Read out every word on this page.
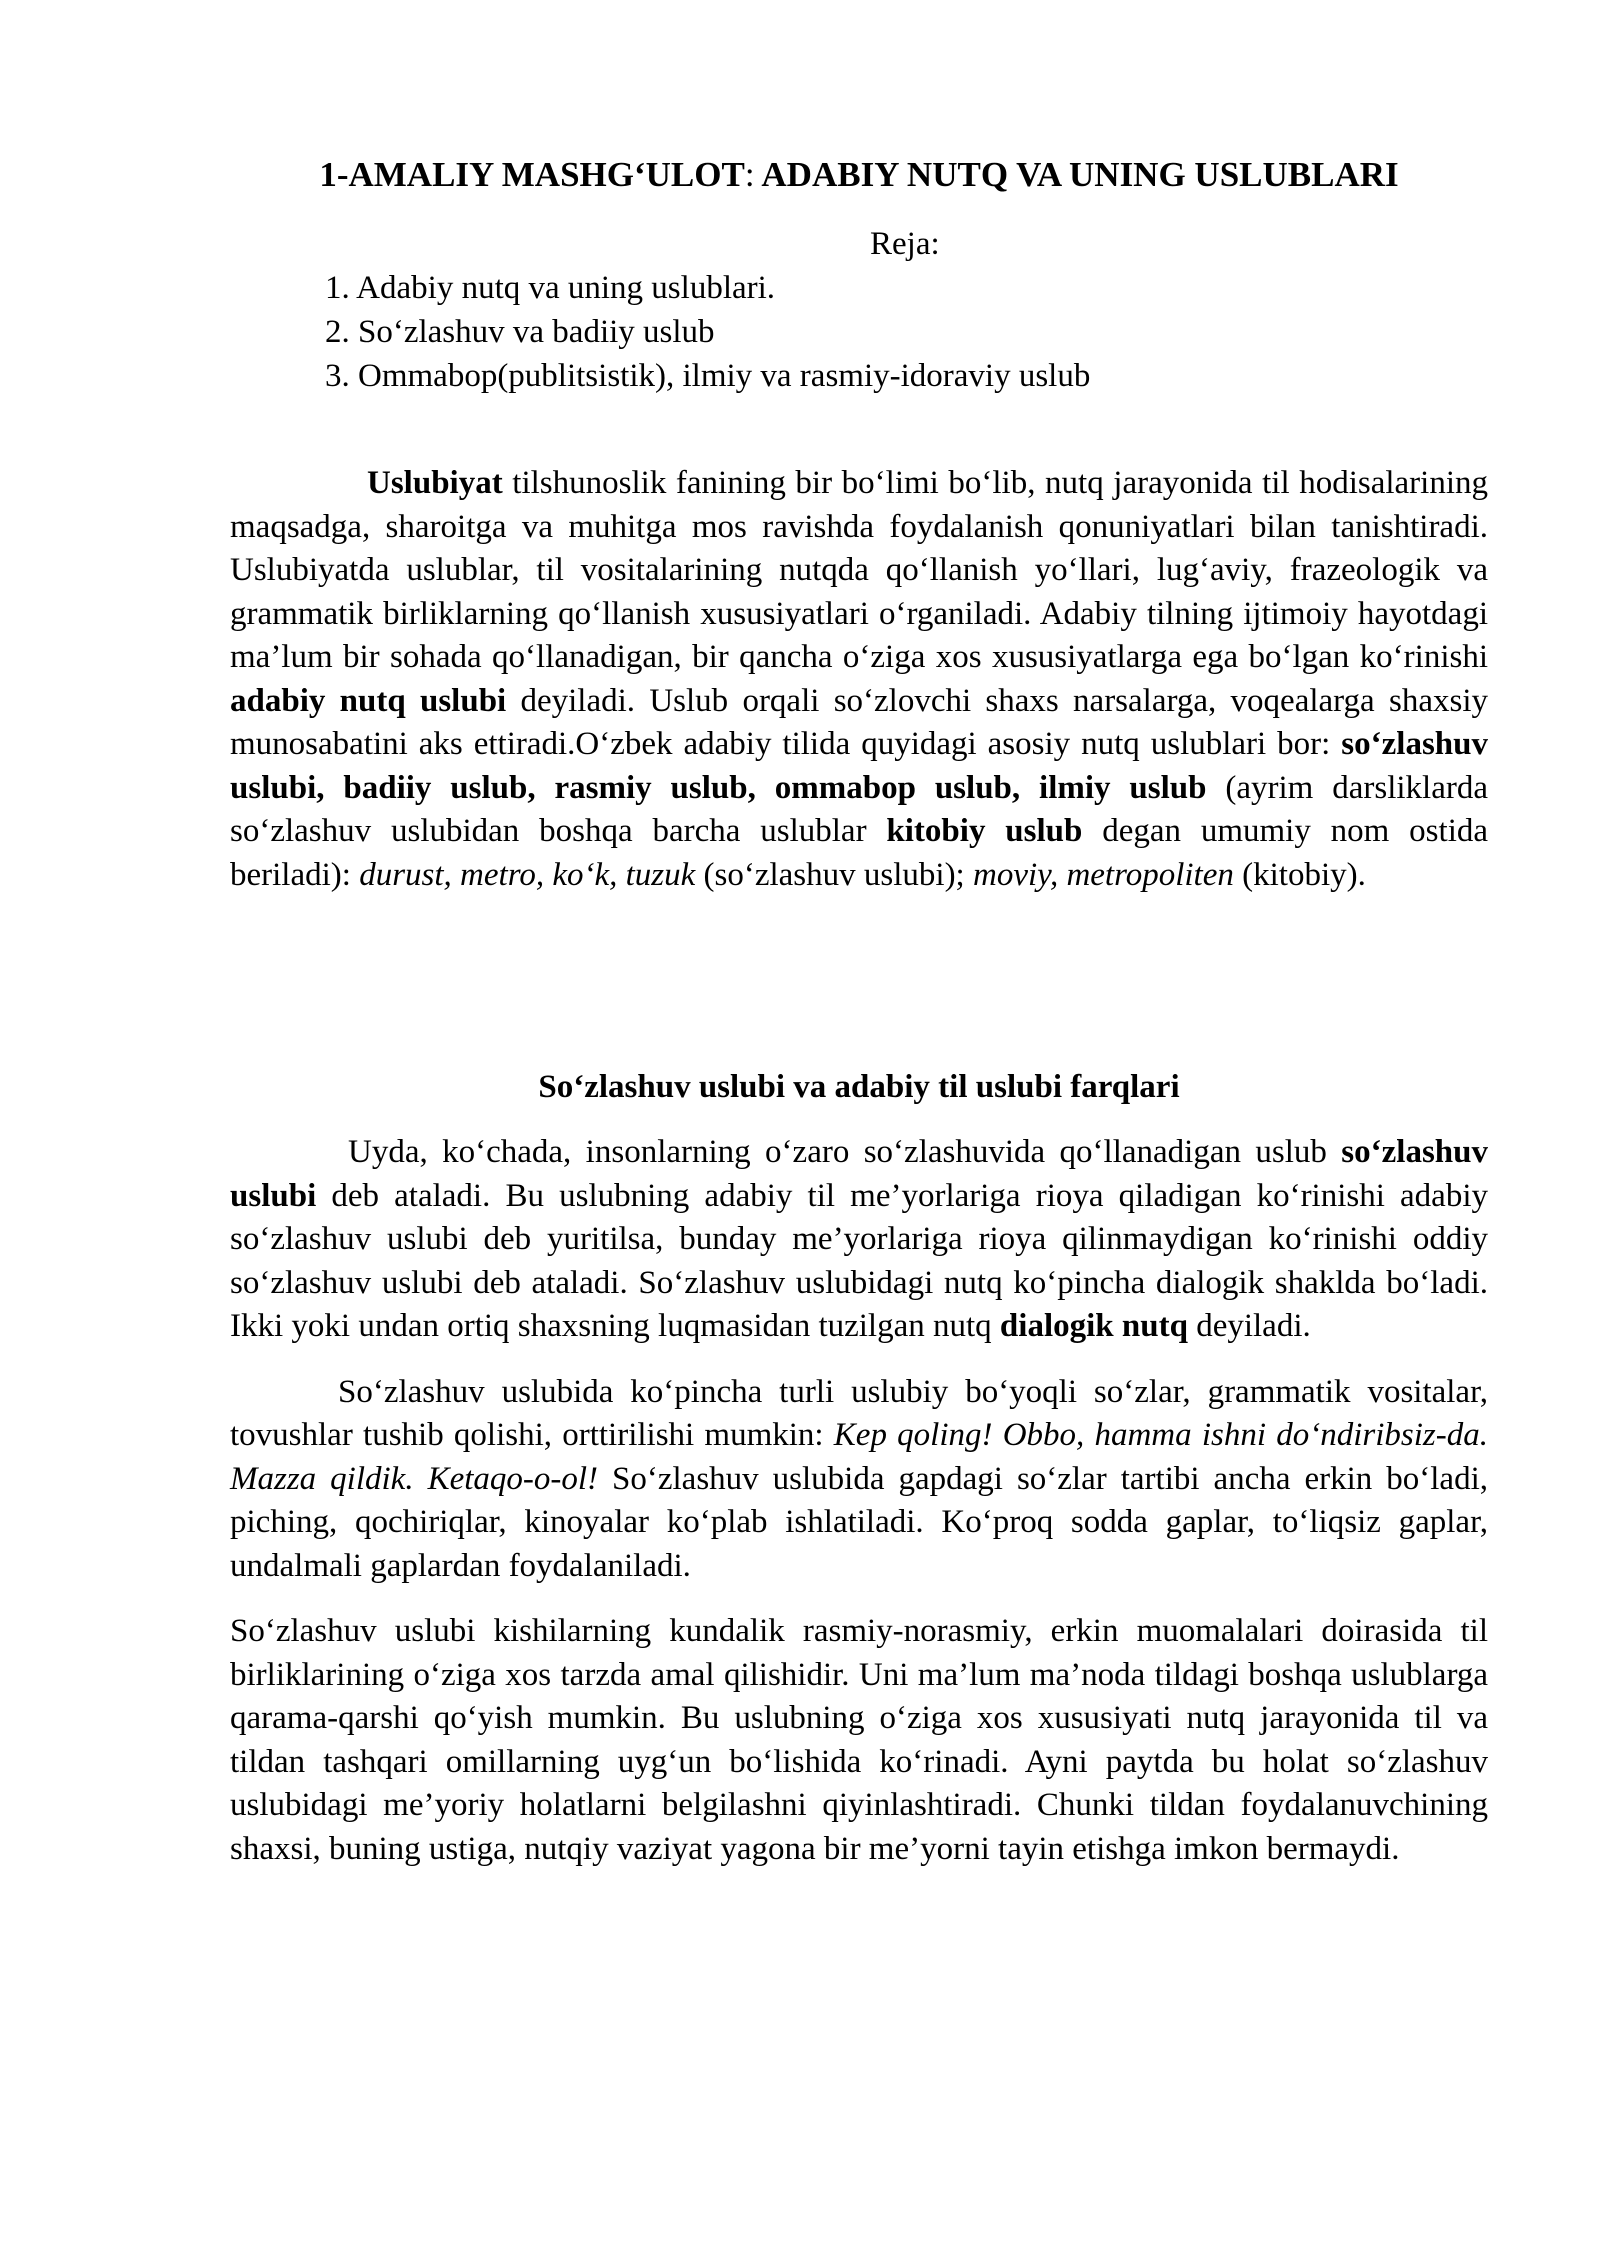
1-AMALIY MASHG‘ULOT: ADABIY NUTQ VA UNING USLUBLARI
Reja:
1. Adabiy nutq va uning uslublari.
2. So‘zlashuv va badiiy uslub
3. Ommabop(publitsistik), ilmiy va rasmiy-idoraviy uslub

Uslubiyat tilshunoslik fanining bir bo‘limi bo‘lib, nutq jarayonida til hodisalarining maqsadga, sharoitga va muhitga mos ravishda foydalanish qonuniyatlari bilan tanishtiradi. Uslubiyatda uslublar, til vositalarining nutqda qo‘llanish yo‘llari, lug‘aviy, frazeologik va grammatik birliklarning qo‘llanish xususiyatlari o‘rganiladi. Adabiy tilning ijtimoiy hayotdagi ma’lum bir sohada qo‘llanadigan, bir qancha o‘ziga xos xususiyatlarga ega bo‘lgan ko‘rinishi adabiy nutq uslubi deyiladi. Uslub orqali so‘zlovchi shaxs narsalarga, voqealarga shaxsiy munosabatini aks ettiradi.O‘zbek adabiy tilida quyidagi asosiy nutq uslublari bor: so‘zlashuv uslubi, badiiy uslub, rasmiy uslub, ommabop uslub, ilmiy uslub (ayrim darsliklarda so‘zlashuv uslubidan boshqa barcha uslublar kitobiy uslub degan umumiy nom ostida beriladi): durust, metro, ko‘k, tuzuk (so‘zlashuv uslubi); moviy, metropoliten (kitobiy).

So‘zlashuv uslubi va adabiy til uslubi farqlari

Uyda, ko‘chada, insonlarning o‘zaro so‘zlashuvida qo‘llanadigan uslub so‘zlashuv uslubi deb ataladi. Bu uslubning adabiy til me’yorlariga rioya qiladigan ko‘rinishi adabiy so‘zlashuv uslubi deb yuritilsa, bunday me’yorlariga rioya qilinmaydigan ko‘rinishi oddiy so‘zlashuv uslubi deb ataladi. So‘zlashuv uslubidagi nutq ko‘pincha dialogik shaklda bo‘ladi. Ikki yoki undan ortiq shaxsning luqmasidan tuzilgan nutq dialogik nutq deyiladi.

So‘zlashuv uslubida ko‘pincha turli uslubiy bo‘yoqli so‘zlar, grammatik vositalar, tovushlar tushib qolishi, orttirilishi mumkin: Kep qoling! Obbo, hamma ishni do‘ndiribsiz-da. Mazza qildik. Ketaqo-o-ol! So‘zlashuv uslubida gapdagi so‘zlar tartibi ancha erkin bo‘ladi, piching, qochiriqlar, kinoyalar ko‘plab ishlatiladi. Ko‘proq sodda gaplar, to‘liqsiz gaplar, undalmali gaplardan foydalaniladi.

So‘zlashuv uslubi kishilarning kundalik rasmiy-norasmiy, erkin muomalalari doirasida til birliklarining o‘ziga xos tarzda amal qilishidir. Uni ma’lum ma’noda tildagi boshqa uslublarga qarama-qarshi qo‘yish mumkin. Bu uslubning o‘ziga xos xususiyati nutq jarayonida til va tildan tashqari omillarning uyg‘un bo‘lishida ko‘rinadi. Ayni paytda bu holat so‘zlashuv uslubidagi me’yoriy holatlarni belgilashni qiyinlashtiradi. Chunki tildan foydalanuvchining shaxsi, buning ustiga, nutqiy vaziyat yagona bir me’yorni tayin etishga imkon bermaydi.
